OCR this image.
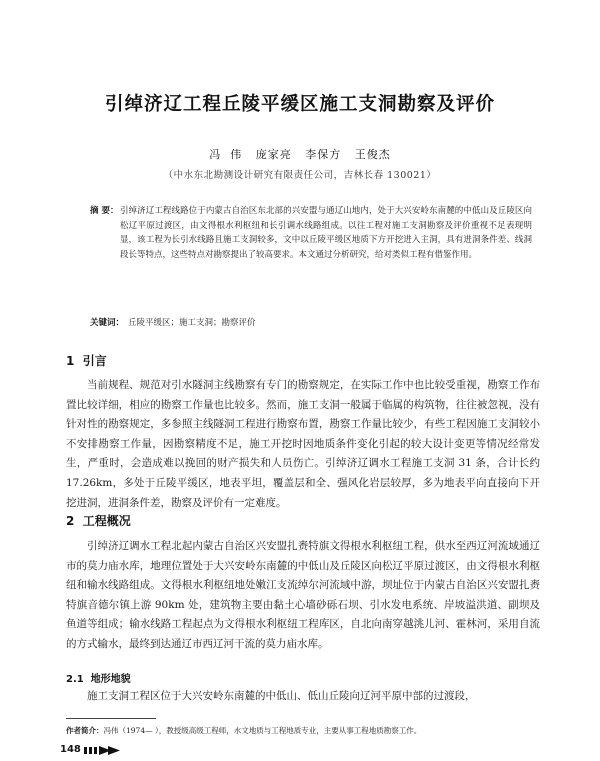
引绰济辽工程丘陵平缓区施工支洞勘察及评价
冯  伟   庞家亮   李保方   王俊杰
（中水东北勘测设计研究有限责任公司，吉林长春 130021）
摘 要： 引绰济辽工程线路位于内蒙古自治区东北部的兴安盟与通辽山地内，处于大兴安岭东南麓的中低山及丘陵区向松辽平原过渡区，由文得根水利枢纽和长引调水线路组成。以往工程对施工支洞勘察及评价重视不足表现明显，该工程为长引水线路且施工支洞较多，文中以丘陵平缓区地质下方开挖进入主洞，具有进洞条件差、线洞段长等特点，这些特点对勘察提出了较高要求。本文通过分析研究，给对类似工程有借鉴作用。
关键词： 丘陵平缓区；施工支洞；勘察评价
1  引言
当前规程、规范对引水隧洞主线勘察有专门的勘察规定，在实际工作中也比较受重视，勘察工作布置比较详细，相应的勘察工作量也比较多。然而，施工支洞一般属于临属的构筑物，往往被忽视，没有针对性的勘察规定，多参照主线隧洞工程进行勘察布置，勘察工作量比较少，有些工程因施工支洞较小不安排勘察工作量，因勘察精度不足，施工开挖时因地质条件变化引起的较大设计变更等情况经常发生，严重时，会造成难以挽回的财产损失和人员伤亡。引绰济辽调水工程施工支洞 31 条，合计长约 17.26km，多处于丘陵平缓区，地表平坦，覆盖层和全、强风化岩层较厚，多为地表平向直接向下开挖进洞，进洞条件差，勘察及评价有一定难度。
2  工程概况
引绰济辽调水工程北起内蒙古自治区兴安盟扎赉特旗文得根水利枢纽工程，供水至西辽河流域通辽市的莫力庙水库，地理位置处于大兴安岭东南麓的中低山及丘陵区向松辽平原过渡区，由文得根水利枢纽和输水线路组成。文得根水利枢纽地处嫩江支流绰尔河流域中游，坝址位于内蒙古自治区兴安盟扎赉特旗音德尔镇上游 90km 处，建筑物主要由黏土心墙砂砾石坝、引水发电系统、岸坡溢洪道、副坝及鱼道等组成；输水线路工程起点为文得根水利枢纽工程库区，自北向南穿越洮儿河、霍林河，采用自流的方式输水，最终到达通辽市西辽河干流的莫力庙水库。
2.1  地形地貌
施工支洞工程区位于大兴安岭东南麓的中低山、低山丘陵向辽河平原中部的过渡段，
作者简介：冯伟（1974— ），教授级高级工程师，水文地质与工程地质专业，主要从事工程地质勘察工作。
148
